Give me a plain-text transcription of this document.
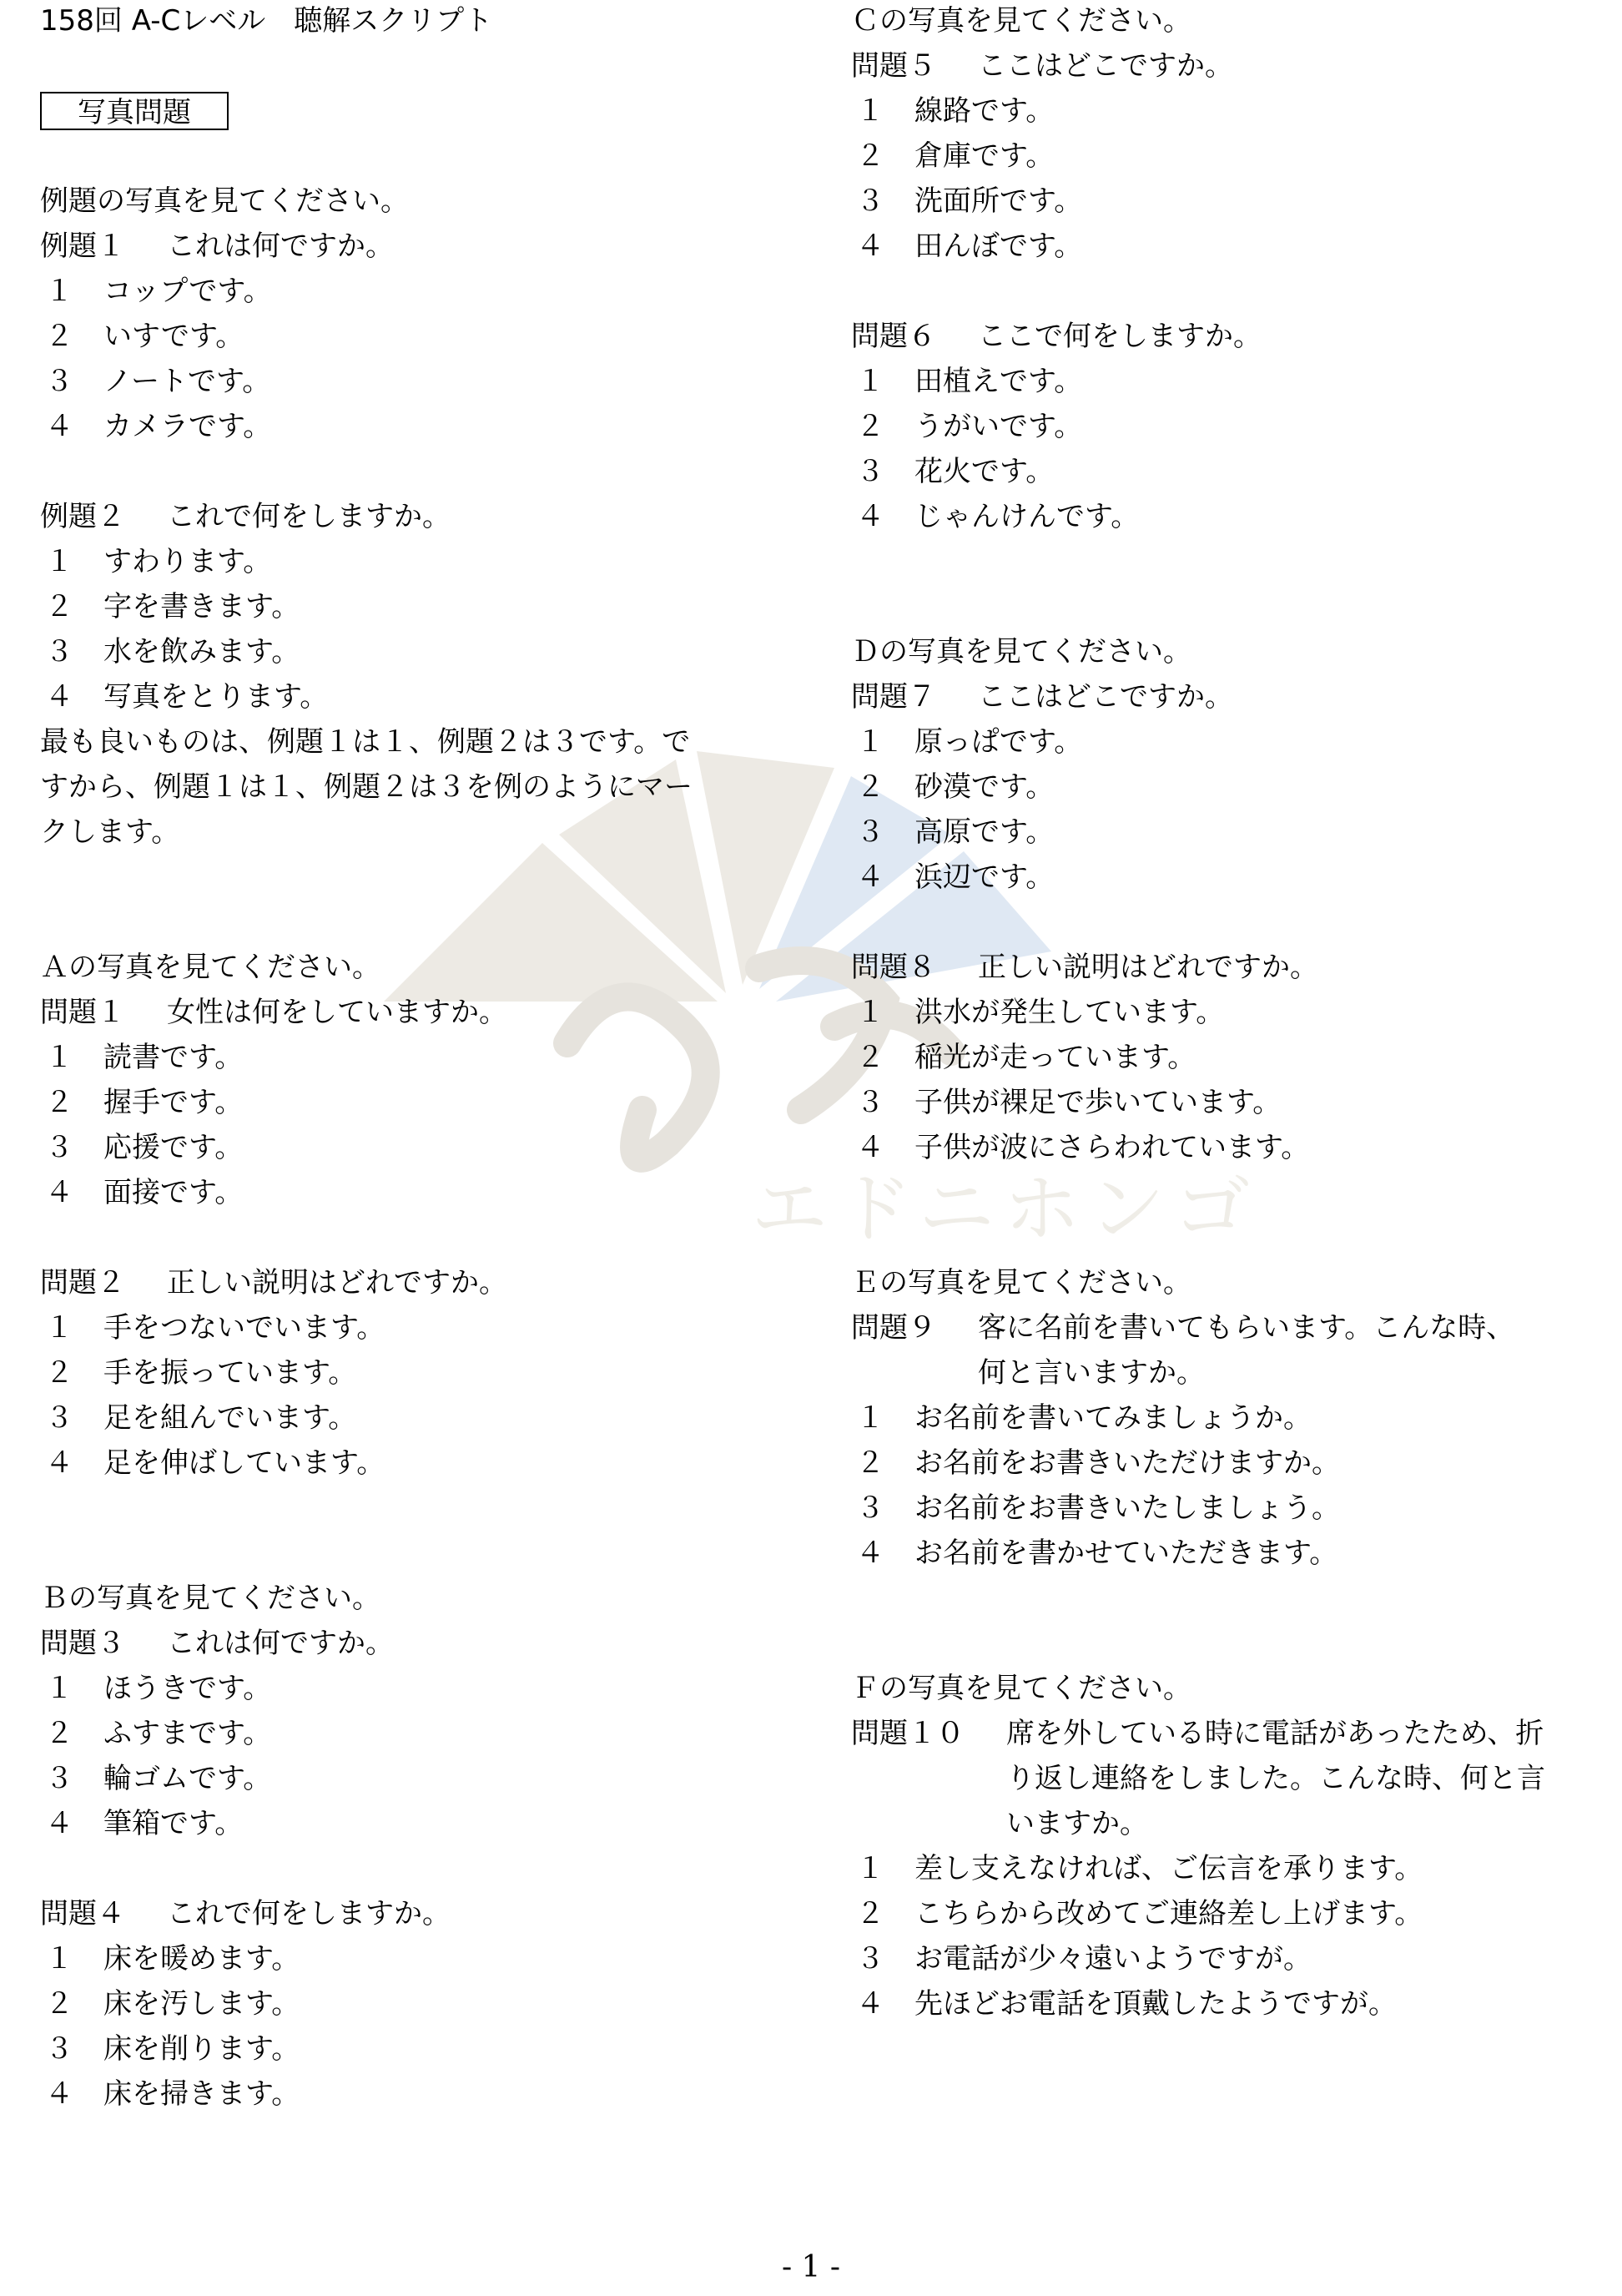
エドニホンゴ
158回 A-Cレベル　聴解スクリプト
写真問題
例題の写真を見てください。
例題１ これは何ですか。
１ コップです。
２ いすです。
３ ノートです。
４ カメラです。
例題２ これで何をしますか。
１ すわります。
２ 字を書きます。
３ 水を飲みます。
４ 写真をとります。
最も良いものは、例題１は１、例題２は３です。で
すから、例題１は１、例題２は３を例のようにマー
クします。
Ａの写真を見てください。
問題１ 女性は何をしていますか。
１ 読書です。
２ 握手です。
３ 応援です。
４ 面接です。
問題２ 正しい説明はどれですか。
１ 手をつないでいます。
２ 手を振っています。
３ 足を組んでいます。
４ 足を伸ばしています。
Ｂの写真を見てください。
問題３ これは何ですか。
１ ほうきです。
２ ふすまです。
３ 輪ゴムです。
４ 筆箱です。
問題４ これで何をしますか。
１ 床を暖めます。
２ 床を汚します。
３ 床を削ります。
４ 床を掃きます。
Ｃの写真を見てください。
問題５ ここはどこですか。
１ 線路です。
２ 倉庫です。
３ 洗面所です。
４ 田んぼです。
問題６ ここで何をしますか。
１ 田植えです。
２ うがいです。
３ 花火です。
４ じゃんけんです。
Ｄの写真を見てください。
問題７ ここはどこですか。
１ 原っぱです。
２ 砂漠です。
３ 高原です。
４ 浜辺です。
問題８ 正しい説明はどれですか。
１ 洪水が発生しています。
２ 稲光が走っています。
３ 子供が裸足で歩いています。
４ 子供が波にさらわれています。
Ｅの写真を見てください。
問題９ 客に名前を書いてもらいます。こんな時、
何と言いますか。
１ お名前を書いてみましょうか。
２ お名前をお書きいただけますか。
３ お名前をお書きいたしましょう。
４ お名前を書かせていただきます。
Ｆの写真を見てください。
問題１０ 席を外している時に電話があったため、折
り返し連絡をしました。こんな時、何と言
いますか。
１ 差し支えなければ、ご伝言を承ります。
２ こちらから改めてご連絡差し上げます。
３ お電話が少々遠いようですが。
４ 先ほどお電話を頂戴したようですが。
- 1 -
